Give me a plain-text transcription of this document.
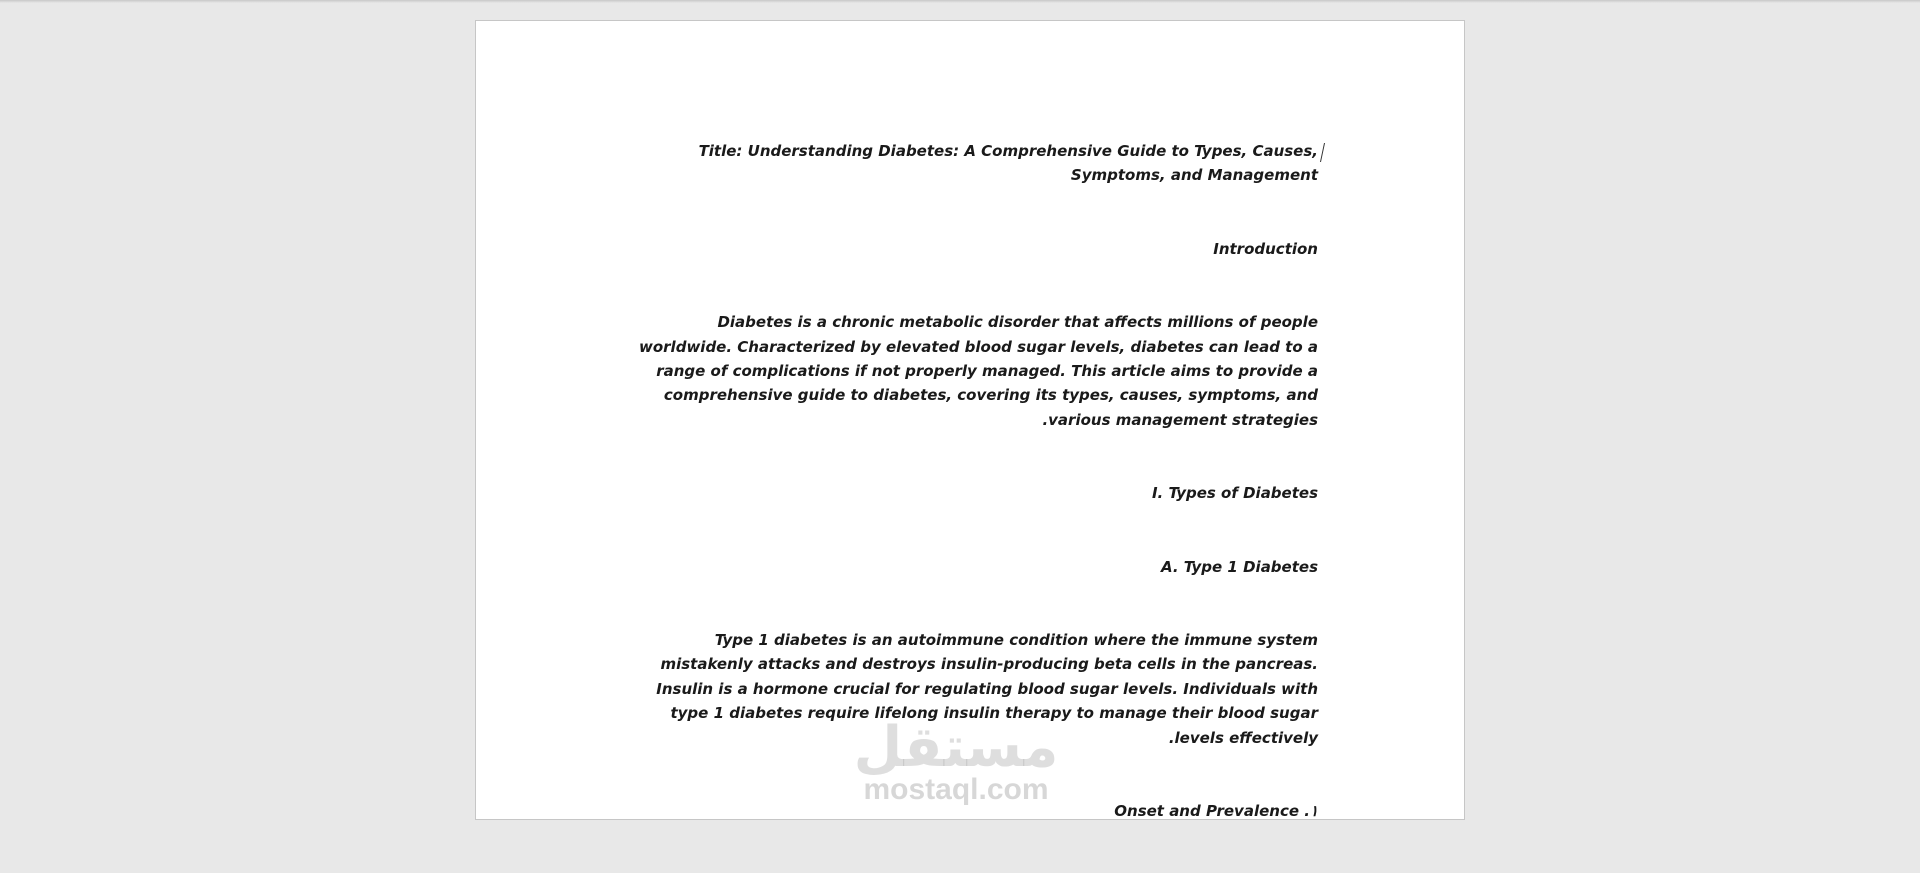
Title: Understanding Diabetes: A Comprehensive Guide to Types, Causes, Symptoms, and Management

Introduction

Diabetes is a chronic metabolic disorder that affects millions of people worldwide. Characterized by elevated blood sugar levels, diabetes can lead to a range of complications if not properly managed. This article aims to provide a comprehensive guide to diabetes, covering its types, causes, symptoms, and various management strategies.

I. Types of Diabetes

A. Type 1 Diabetes

Type 1 diabetes is an autoimmune condition where the immune system mistakenly attacks and destroys insulin-producing beta cells in the pancreas. Insulin is a hormone crucial for regulating blood sugar levels. Individuals with type 1 diabetes require lifelong insulin therapy to manage their blood sugar levels effectively.

١. Onset and Prevalence

مستقل
mostaql.com
